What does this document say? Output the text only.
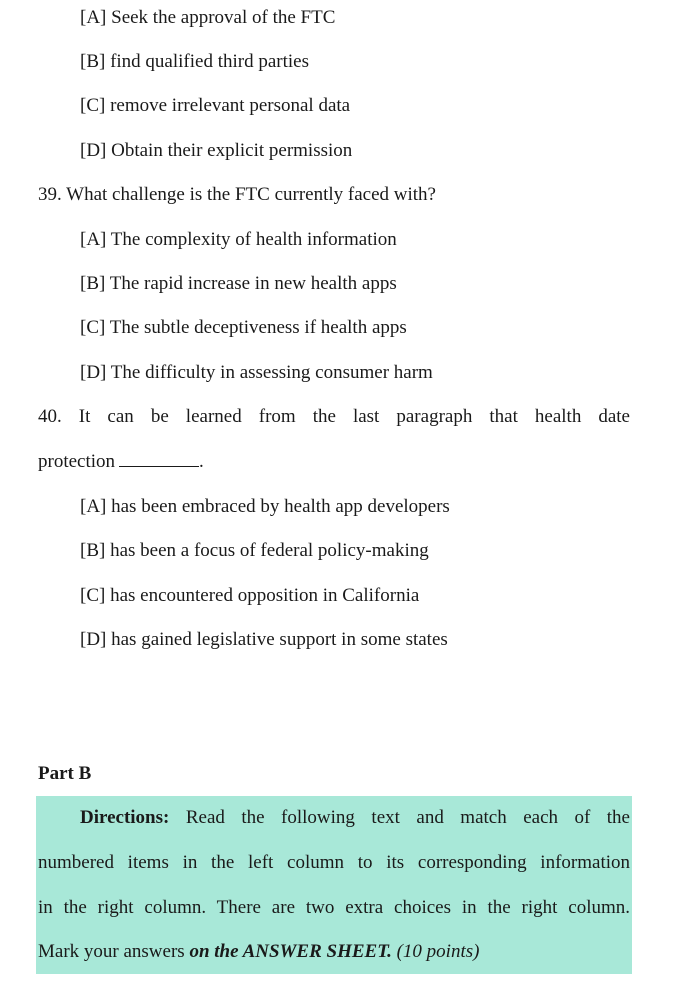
[A] Seek the approval of the FTC
[B] find qualified third parties
[C] remove irrelevant personal data
[D] Obtain their explicit permission
39. What challenge is the FTC currently faced with?
[A] The complexity of health information
[B] The rapid increase in new health apps
[C] The subtle deceptiveness if health apps
[D] The difficulty in assessing consumer harm
40. It can be learned from the last paragraph that health date
protection	.
[A] has been embraced by health app developers
[B] has been a focus of federal policy-making
[C] has encountered opposition in California
[D] has gained legislative support in some states
Part B
Directions: Read the following text and match each of the
numbered items in the left column to its corresponding information
in the right column. There are two extra choices in the right column.
Mark your answers on the ANSWER SHEET. (10 points)
